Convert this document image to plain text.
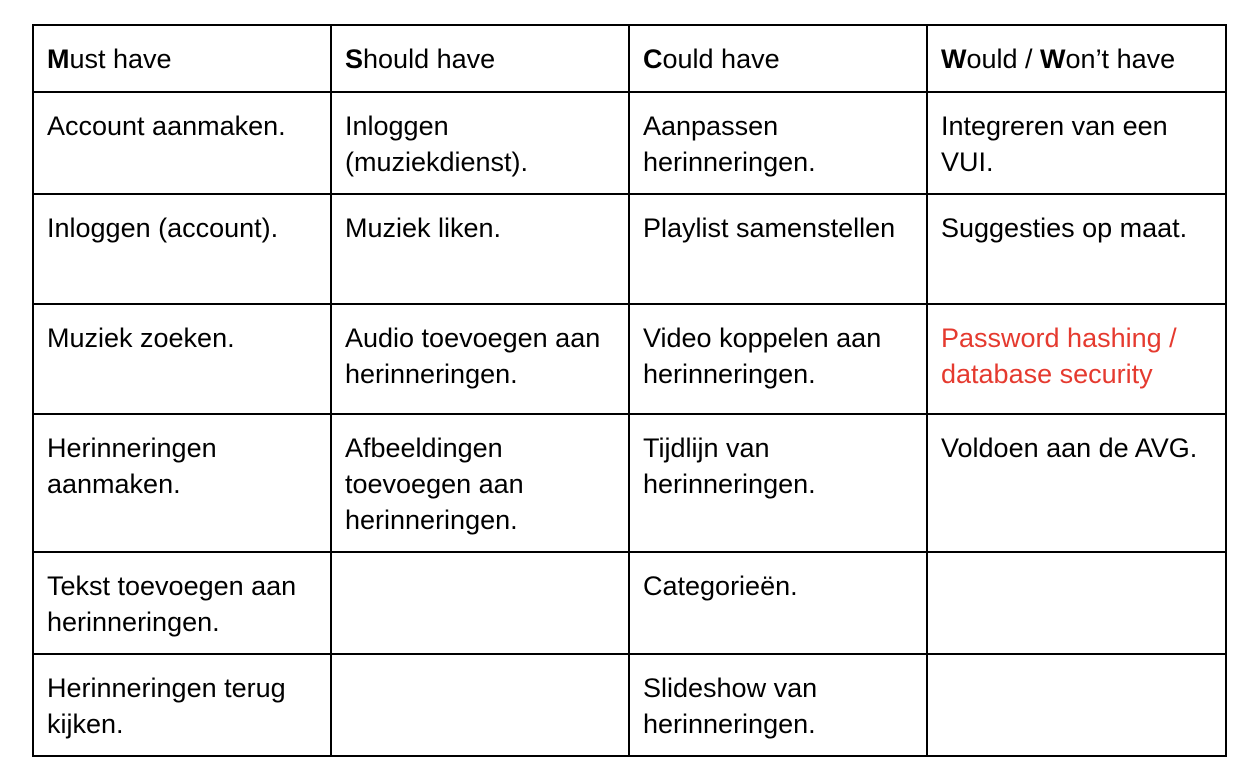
Must have	Should have	Could have	Would / Won’t have
Account aanmaken.	Inloggen (muziekdienst).	Aanpassen herinneringen.	Integreren van een VUI.
Inloggen (account).	Muziek liken.	Playlist samenstellen	Suggesties op maat.
Muziek zoeken.	Audio toevoegen aan herinneringen.	Video koppelen aan herinneringen.	Password hashing / database security
Herinneringen aanmaken.	Afbeeldingen toevoegen aan herinneringen.	Tijdlijn van herinneringen.	Voldoen aan de AVG.
Tekst toevoegen aan herinneringen.		Categorieën.	
Herinneringen terug kijken.		Slideshow van herinneringen.	
